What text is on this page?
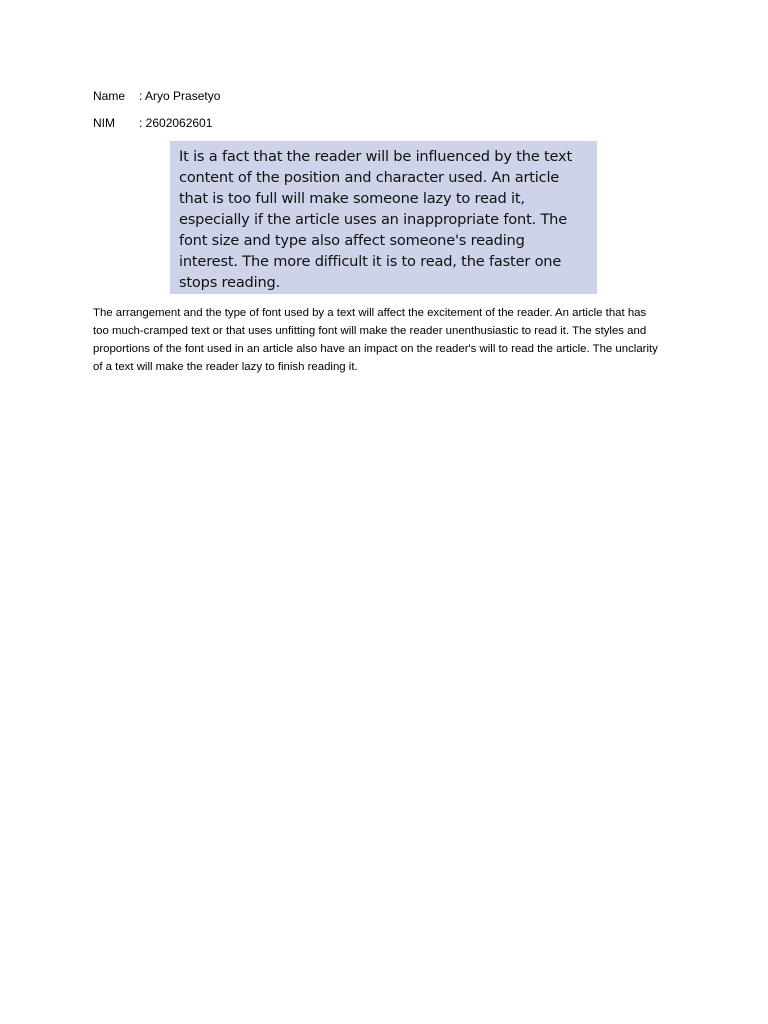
Name : Aryo Prasetyo
NIM : 2602062601
It is a fact that the reader will be influenced by the text
content of the position and character used. An article
that is too full will make someone lazy to read it,
especially if the article uses an inappropriate font. The
font size and type also affect someone's reading
interest. The more difficult it is to read, the faster one
stops reading.

The arrangement and the type of font used by a text will affect the excitement of the reader. An article that has too much-cramped text or that uses unfitting font will make the reader unenthusiastic to read it. The styles and proportions of the font used in an article also have an impact on the reader's will to read the article. The unclarity of a text will make the reader lazy to finish reading it.
